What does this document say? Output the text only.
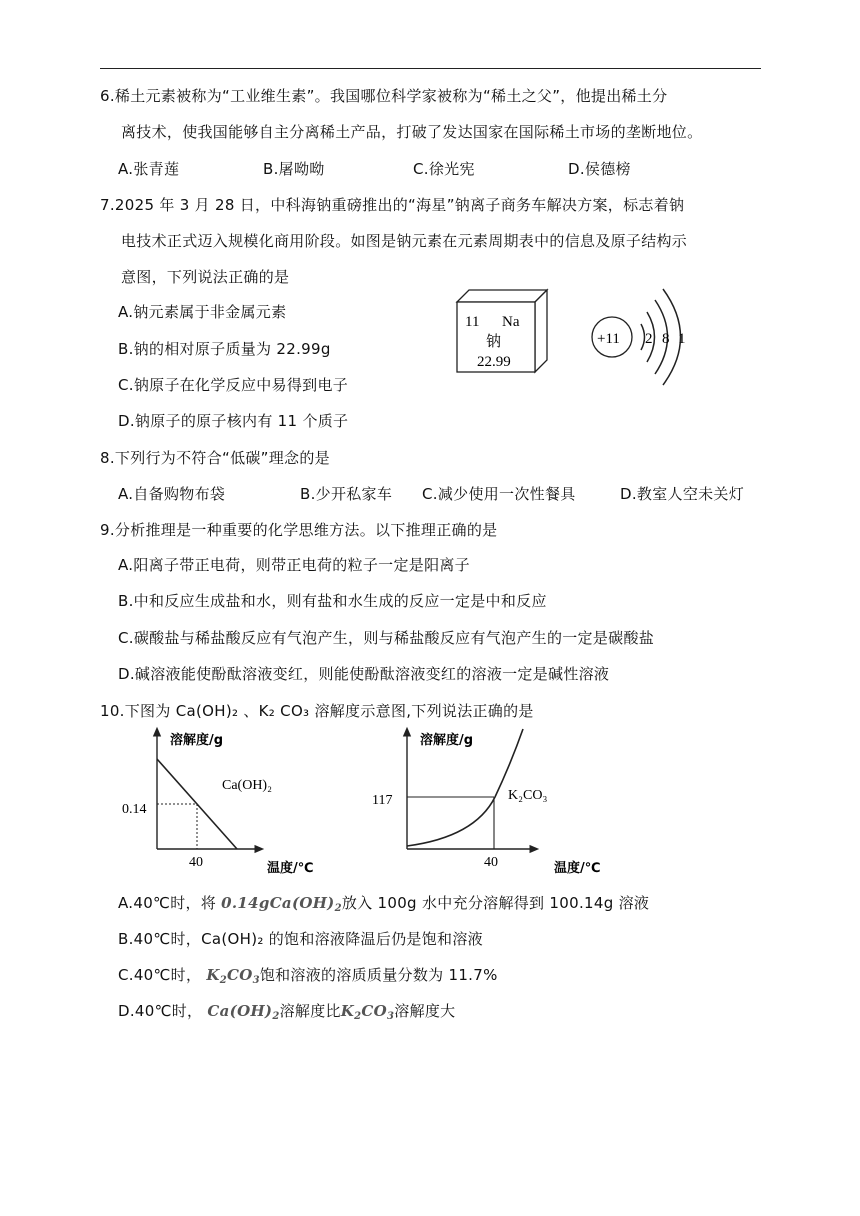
6.稀土元素被称为“工业维生素”。我国哪位科学家被称为“稀土之父”，他提出稀土分
离技术，使我国能够自主分离稀土产品，打破了发达国家在国际稀土市场的垄断地位。
A.张青莲	B.屠呦呦	C.徐光宪	D.侯德榜
7.2025 年 3 月 28 日，中科海钠重磅推出的“海星”钠离子商务车解决方案，标志着钠
电技术正式迈入规模化商用阶段。如图是钠元素在元素周期表中的信息及原子结构示
意图，下列说法正确的是
A.钠元素属于非金属元素
B.钠的相对原子质量为 22.99g
C.钠原子在化学反应中易得到电子
D.钠原子的原子核内有 11 个质子
11 Na
钠
22.99
+11 2 8 1
8.下列行为不符合“低碳”理念的是
A.自备购物布袋	B.少开私家车 C.减少使用一次性餐具	D.教室人空未关灯
9.分析推理是一种重要的化学思维方法。以下推理正确的是
A.阳离子带正电荷，则带正电荷的粒子一定是阳离子
B.中和反应生成盐和水，则有盐和水生成的反应一定是中和反应
C.碳酸盐与稀盐酸反应有气泡产生，则与稀盐酸反应有气泡产生的一定是碳酸盐
D.碱溶液能使酚酞溶液变红，则能使酚酞溶液变红的溶液一定是碱性溶液
10.下图为 Ca(OH)₂ 、K₂ CO₃ 溶解度示意图,下列说法正确的是
溶解度/g
Ca(OH)₂
0.14
40	温度/℃
溶解度/g
K₂CO₃
117
40	温度/℃
A.40℃时，将 $0.14gCa(OH)_2$放入 100g 水中充分溶解得到 100.14g 溶液
B.40℃时，Ca(OH)₂ 的饱和溶液降温后仍是饱和溶液
C.40℃时， $K_2CO_3$饱和溶液的溶质质量分数为 11.7%
D.40℃时， $Ca(OH)_2$溶解度比$K_2CO_3$溶解度大
